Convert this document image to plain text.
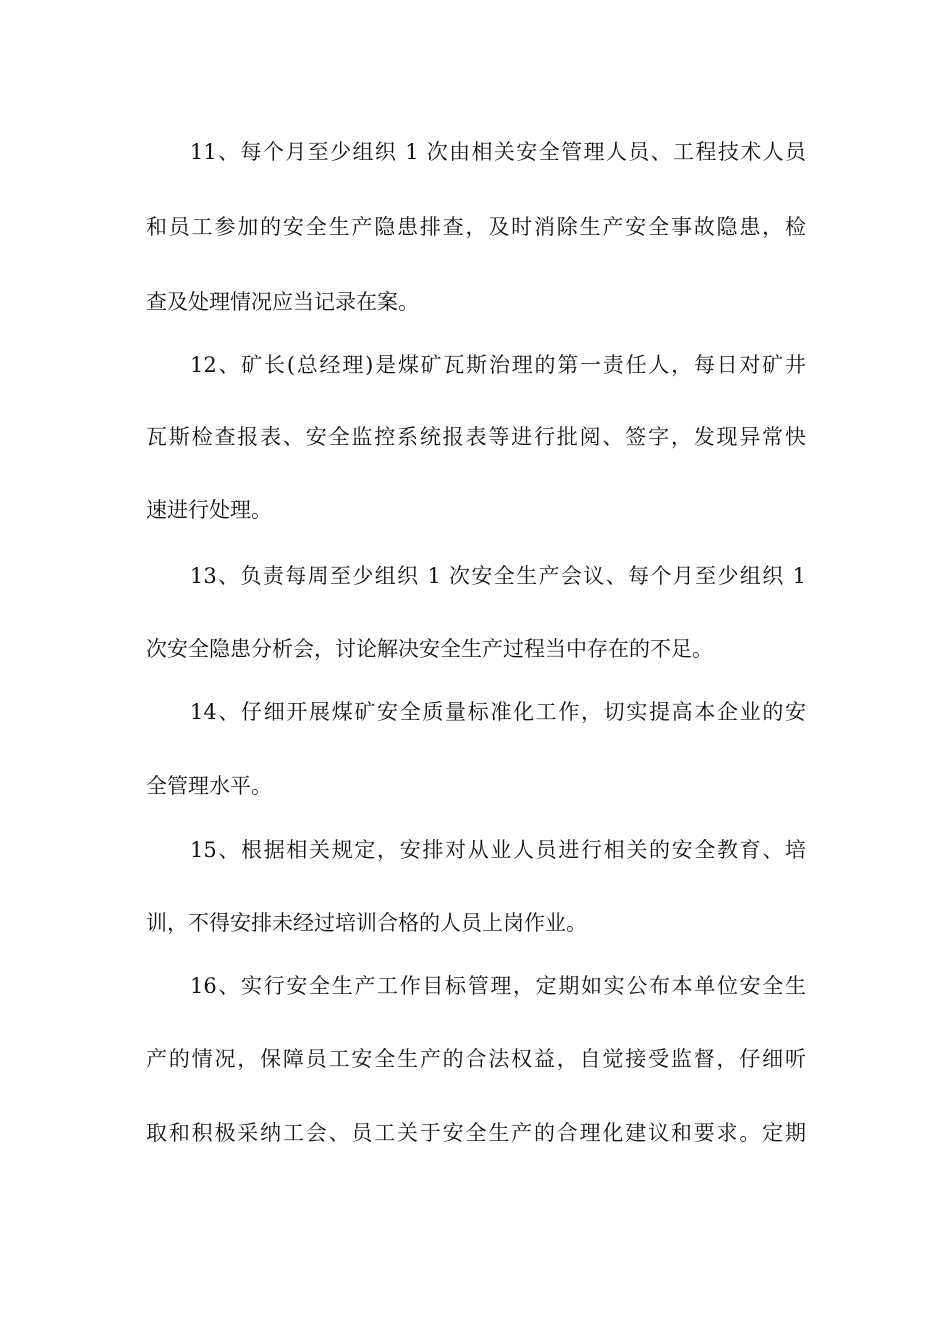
11、每个月至少组织 1 次由相关安全管理人员、工程技术人员
和员工参加的安全生产隐患排查，及时消除生产安全事故隐患，检
查及处理情况应当记录在案。
12、矿长(总经理)是煤矿瓦斯治理的第一责任人，每日对矿井
瓦斯检查报表、安全监控系统报表等进行批阅、签字，发现异常快
速进行处理。
13、负责每周至少组织 1 次安全生产会议、每个月至少组织 1
次安全隐患分析会，讨论解决安全生产过程当中存在的不足。
14、仔细开展煤矿安全质量标准化工作，切实提高本企业的安
全管理水平。
15、根据相关规定，安排对从业人员进行相关的安全教育、培
训，不得安排未经过培训合格的人员上岗作业。
16、实行安全生产工作目标管理，定期如实公布本单位安全生
产的情况，保障员工安全生产的合法权益，自觉接受监督，仔细听
取和积极采纳工会、员工关于安全生产的合理化建议和要求。定期
